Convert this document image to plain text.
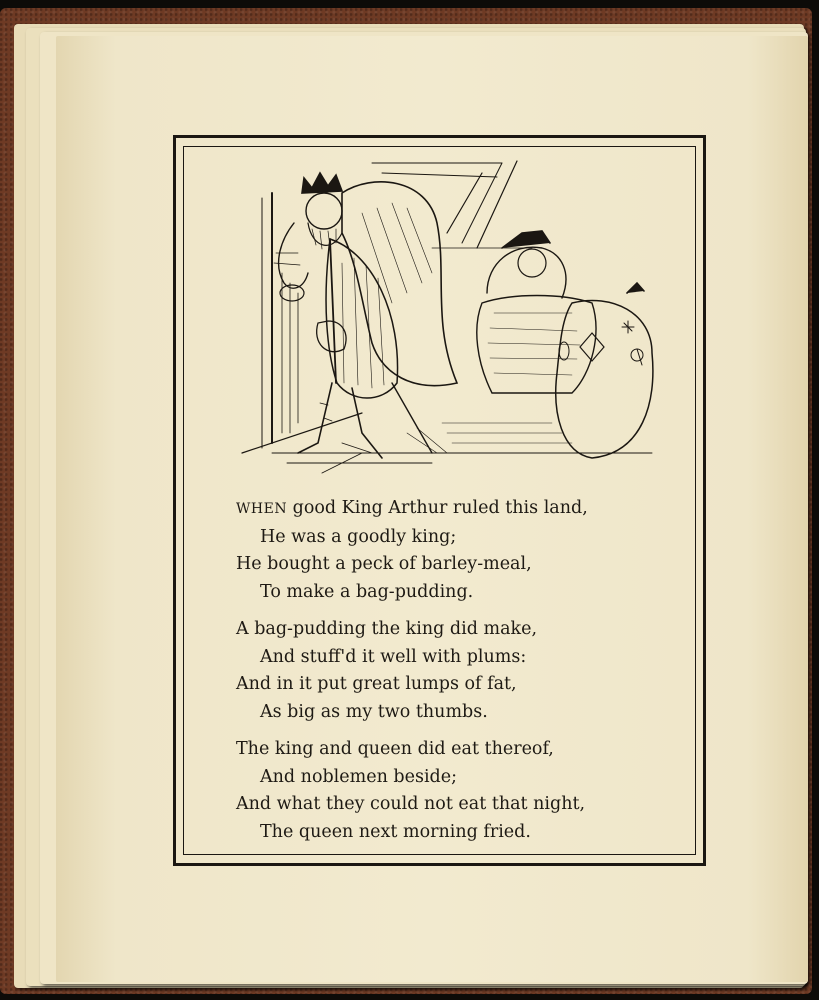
WHEN good King Arthur ruled this land,
He was a goodly king;
He bought a peck of barley-meal,
To make a bag-pudding.
A bag-pudding the king did make,
And stuff'd it well with plums:
And in it put great lumps of fat,
As big as my two thumbs.
The king and queen did eat thereof,
And noblemen beside;
And what they could not eat that night,
The queen next morning fried.
